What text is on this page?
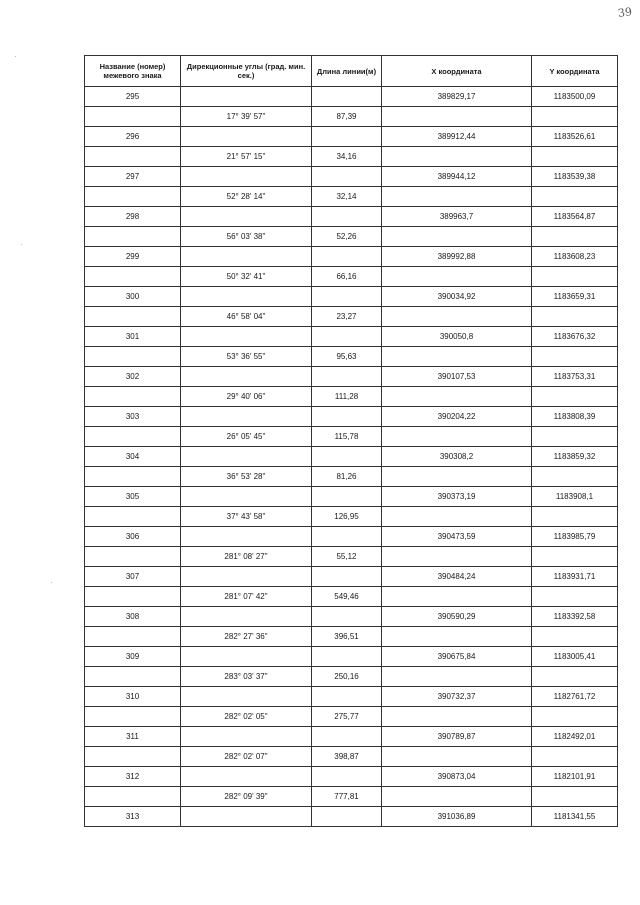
39
·
·
·
Название (номер) межевого знака	Дирекционные углы (град. мин. сек.)	Длина линии(м)	X координата	Y координата
295			389829,17	1183500,09
	17° 39' 57"	87,39		
296			389912,44	1183526,61
	21° 57' 15"	34,16		
297			389944,12	1183539,38
	52° 28' 14"	32,14		
298			389963,7	1183564,87
	56° 03' 38"	52,26		
299			389992,88	1183608,23
	50° 32' 41"	66,16		
300			390034,92	1183659,31
	46° 58' 04"	23,27		
301			390050,8	1183676,32
	53° 36' 55"	95,63		
302			390107,53	1183753,31
	29° 40' 06"	111,28		
303			390204,22	1183808,39
	26° 05' 45"	115,78		
304			390308,2	1183859,32
	36° 53' 28"	81,26		
305			390373,19	1183908,1
	37° 43' 58"	126,95		
306			390473,59	1183985,79
	281° 08' 27"	55,12		
307			390484,24	1183931,71
	281° 07' 42"	549,46		
308			390590,29	1183392,58
	282° 27' 36"	396,51		
309			390675,84	1183005,41
	283° 03' 37"	250,16		
310			390732,37	1182761,72
	282° 02' 05"	275,77		
311			390789,87	1182492,01
	282° 02' 07"	398,87		
312			390873,04	1182101,91
	282° 09' 39"	777,81		
313			391036,89	1181341,55
